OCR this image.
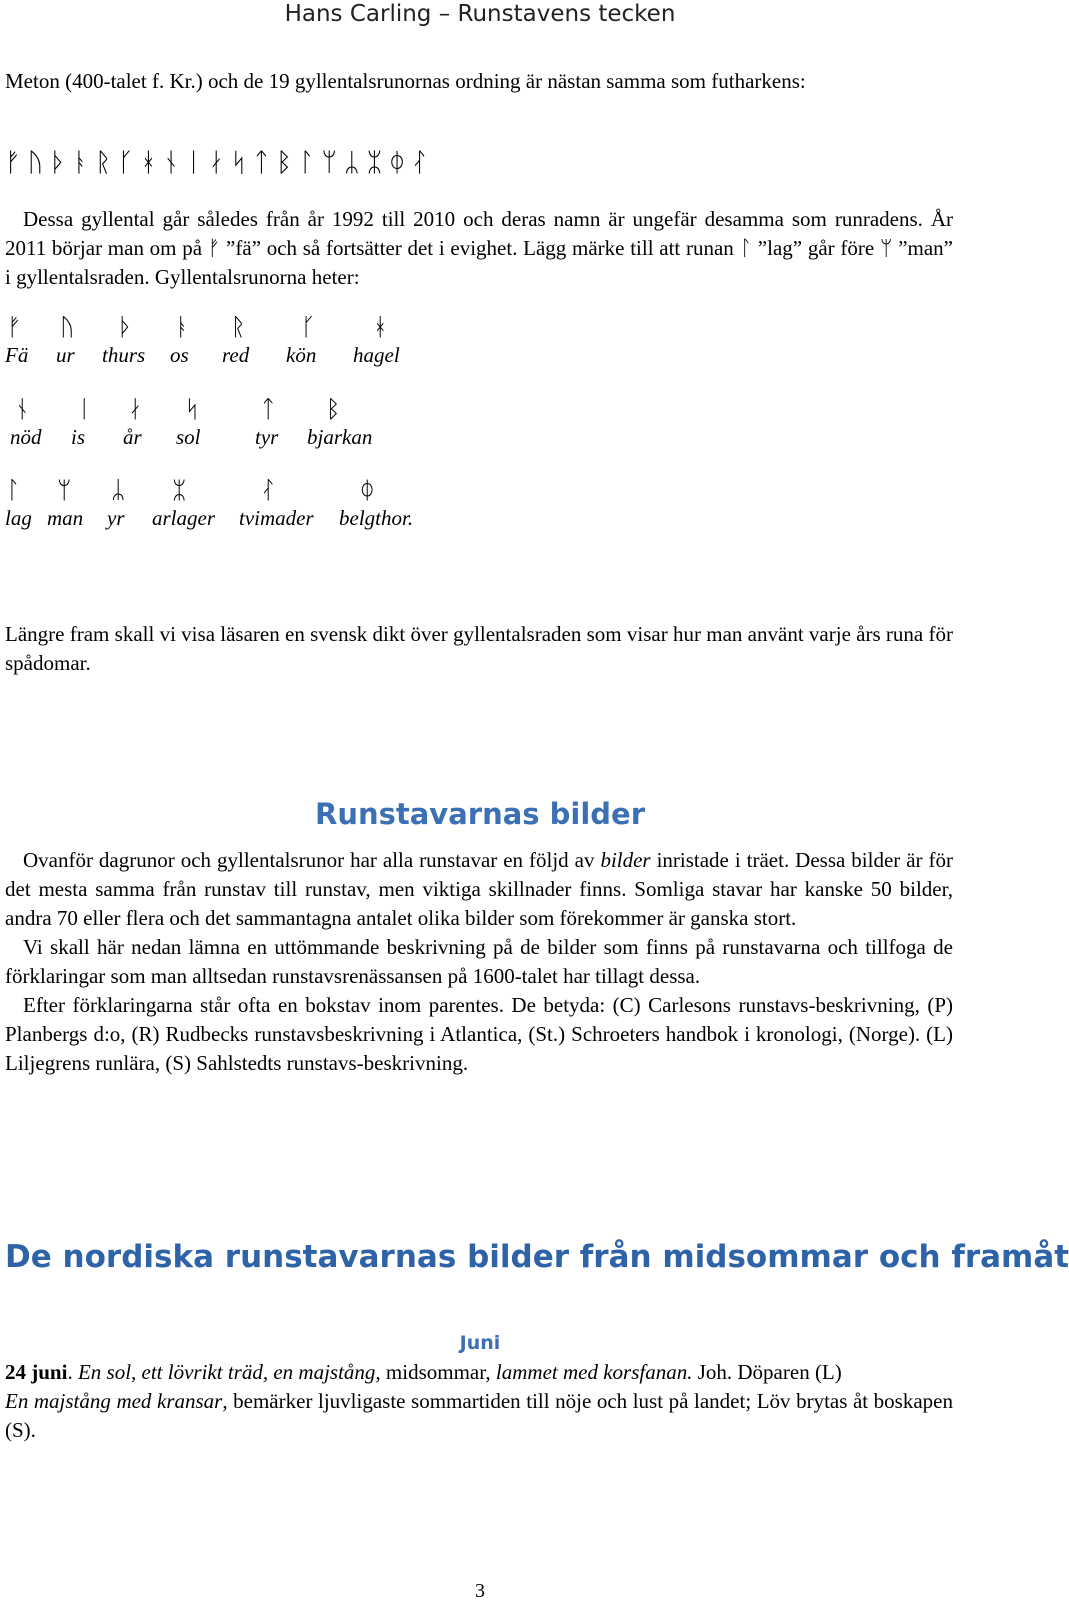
Hans Carling – Runstavens tecken

Meton (400-talet f. Kr.) och de 19 gyllentalsrunornas ordning är nästan samma som futharkens:

ᚠᚢᚦᚭᚱᚴᚼᚾᛁᛅᛋᛏᛒᛚᛘᛦᛯᛰᛮ

Dessa gyllental går således från år 1992 till 2010 och deras namn är ungefär desamma som runradens. År 2011 börjar man om på ᚠ ”fä” och så fortsätter det i evighet. Lägg märke till att runan ᛚ ”lag” går före ᛘ ”man” i gyllentalsraden. Gyllentalsrunorna heter:

ᚠ ᚢ ᚦ ᚭ ᚱ ᚴ ᚼ
Fä ur thurs os red kön hagel
ᚾ ᛁ ᛅ ᛋ	ᛏ ᛒ
nöd is år sol	tyr bjarkan
ᛚ ᛘ ᛦ ᛯ	ᛮ	ᛰ
lag man yr arlager tvimader belgthor.

Längre fram skall vi visa läsaren en svensk dikt över gyllentalsraden som visar hur man använt varje års runa för spådomar.

Runstavarnas bilder

Ovanför dagrunor och gyllentalsrunor har alla runstavar en följd av bilder inristade i träet. Dessa bilder är för det mesta samma från runstav till runstav, men viktiga skillnader finns. Somliga stavar har kanske 50 bilder, andra 70 eller flera och det sammantagna antalet olika bilder som förekommer är ganska stort.

Vi skall här nedan lämna en uttömmande beskrivning på de bilder som finns på runstavarna och tillfoga de förklaringar som man alltsedan runstavsrenässansen på 1600-talet har tillagt dessa.

Efter förklaringarna står ofta en bokstav inom parentes. De betyda: (C) Carlesons runstavs-beskrivning, (P) Planbergs d:o, (R) Rudbecks runstavsbeskrivning i Atlantica, (St.) Schroeters handbok i kronologi, (Norge). (L) Liljegrens runlära, (S) Sahlstedts runstavs-beskrivning.

De nordiska runstavarnas bilder från midsommar och framåt
Juni

24 juni. En sol, ett lövrikt träd, en majstång, midsommar, lammet med korsfanan. Joh. Döparen (L)

En majstång med kransar, bemärker ljuvligaste sommartiden till nöje och lust på landet; Löv brytas åt boskapen (S).

3
